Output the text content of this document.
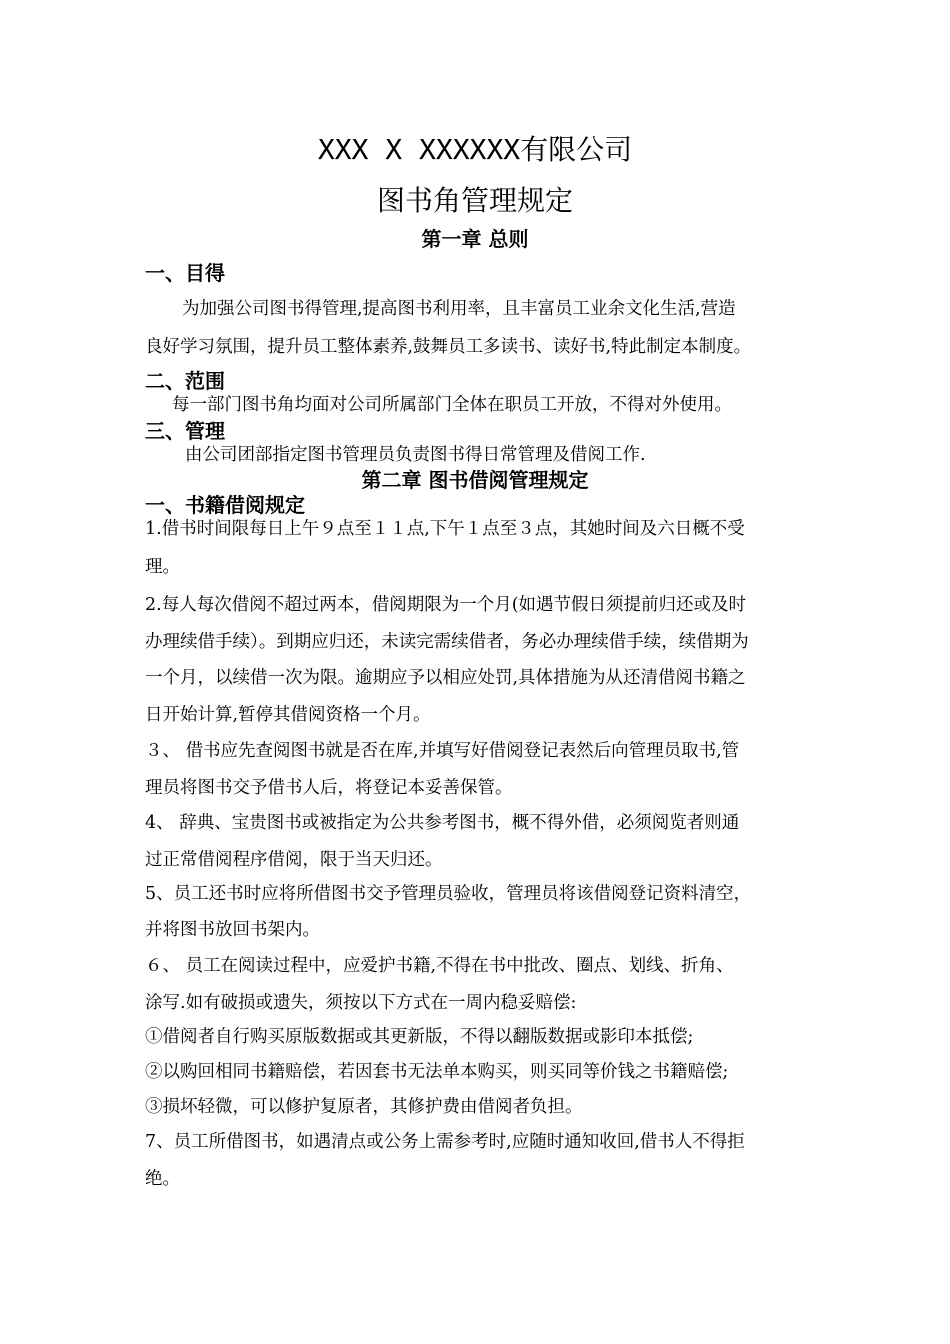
XXX X XXXXXX有限公司
图书角管理规定
第一章 总则
一、目得
为加强公司图书得管理,提高图书利用率，且丰富员工业余文化生活,营造
良好学习氛围，提升员工整体素养,鼓舞员工多读书、读好书,特此制定本制度。
二、范围
每一部门图书角均面对公司所属部门全体在职员工开放，不得对外使用。
三、管理
由公司团部指定图书管理员负责图书得日常管理及借阅工作.
第二章 图书借阅管理规定
一、书籍借阅规定
1.借书时间限每日上午９点至１１点,下午１点至３点，其她时间及六日概不受
理。
2.每人每次借阅不超过两本，借阅期限为一个月(如遇节假日须提前归还或及时
办理续借手续）。到期应归还，未读完需续借者，务必办理续借手续，续借期为
一个月，以续借一次为限。逾期应予以相应处罚,具体措施为从还清借阅书籍之
日开始计算,暂停其借阅资格一个月。
３、 借书应先查阅图书就是否在库,并填写好借阅登记表然后向管理员取书,管
理员将图书交予借书人后，将登记本妥善保管。
4、 辞典、宝贵图书或被指定为公共参考图书，概不得外借，必须阅览者则通
过正常借阅程序借阅，限于当天归还。
5、员工还书时应将所借图书交予管理员验收，管理员将该借阅登记资料清空，
并将图书放回书架内。
６、 员工在阅读过程中，应爱护书籍,不得在书中批改、圈点、划线、折角、
涂写.如有破损或遗失，须按以下方式在一周内稳妥赔偿:
①借阅者自行购买原版数据或其更新版，不得以翻版数据或影印本抵偿;
②以购回相同书籍赔偿，若因套书无法单本购买，则买同等价钱之书籍赔偿;
③损坏轻微，可以修护复原者，其修护费由借阅者负担。
7、员工所借图书，如遇清点或公务上需参考时,应随时通知收回,借书人不得拒
绝。
